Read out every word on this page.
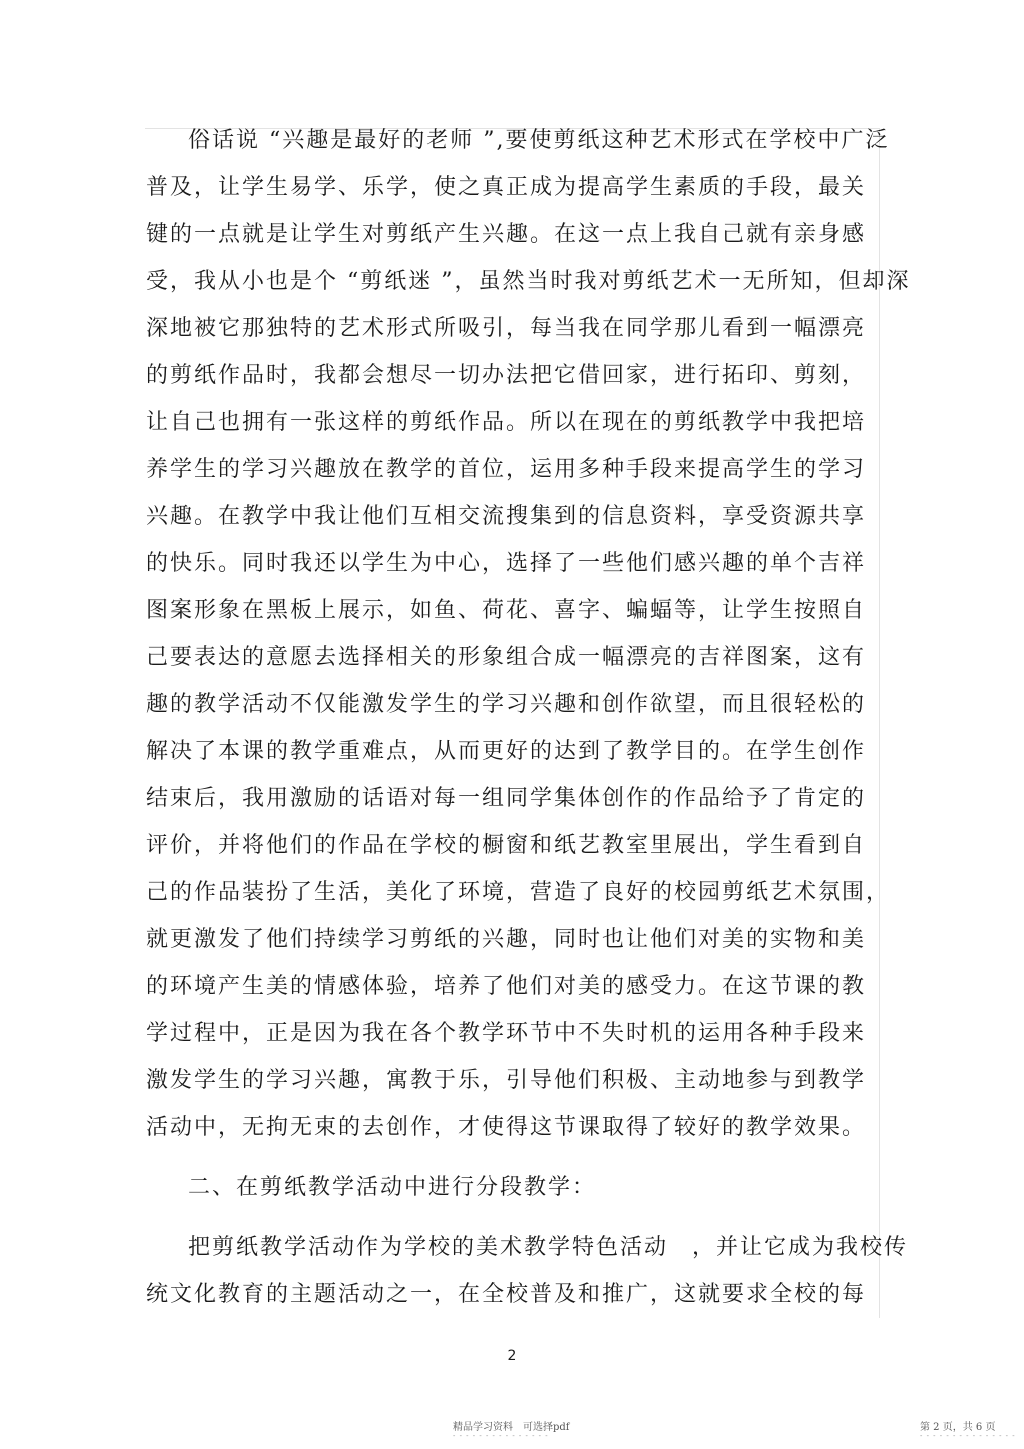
俗话说 “兴趣是最好的老师 ”,要使剪纸这种艺术形式在学校中广泛

普及，让学生易学、乐学，使之真正成为提高学生素质的手段，最关

键的一点就是让学生对剪纸产生兴趣。在这一点上我自己就有亲身感

受，我从小也是个 “剪纸迷 ”，虽然当时我对剪纸艺术一无所知，但却深

深地被它那独特的艺术形式所吸引，每当我在同学那儿看到一幅漂亮

的剪纸作品时，我都会想尽一切办法把它借回家，进行拓印、剪刻，

让自己也拥有一张这样的剪纸作品。所以在现在的剪纸教学中我把培

养学生的学习兴趣放在教学的首位，运用多种手段来提高学生的学习

兴趣。在教学中我让他们互相交流搜集到的信息资料，享受资源共享

的快乐。同时我还以学生为中心，选择了一些他们感兴趣的单个吉祥

图案形象在黑板上展示，如鱼、荷花、喜字、蝙蝠等，让学生按照自

己要表达的意愿去选择相关的形象组合成一幅漂亮的吉祥图案，这有

趣的教学活动不仅能激发学生的学习兴趣和创作欲望，而且很轻松的

解决了本课的教学重难点，从而更好的达到了教学目的。在学生创作

结束后，我用激励的话语对每一组同学集体创作的作品给予了肯定的

评价，并将他们的作品在学校的橱窗和纸艺教室里展出，学生看到自

己的作品装扮了生活，美化了环境，营造了良好的校园剪纸艺术氛围，

就更激发了他们持续学习剪纸的兴趣，同时也让他们对美的实物和美

的环境产生美的情感体验，培养了他们对美的感受力。在这节课的教

学过程中，正是因为我在各个教学环节中不失时机的运用各种手段来

激发学生的学习兴趣，寓教于乐，引导他们积极、主动地参与到教学

活动中，无拘无束的去创作，才使得这节课取得了较好的教学效果。

二、在剪纸教学活动中进行分段教学：

把剪纸教学活动作为学校的美术教学特色活动　，并让它成为我校传

统文化教育的主题活动之一，在全校普及和推广，这就要求全校的每

2
精品学习资料　可选择pdf
- - - - - - - - - - - - - - -
第 2 页，共 6 页
- - - - - - - - - - - - - - -
